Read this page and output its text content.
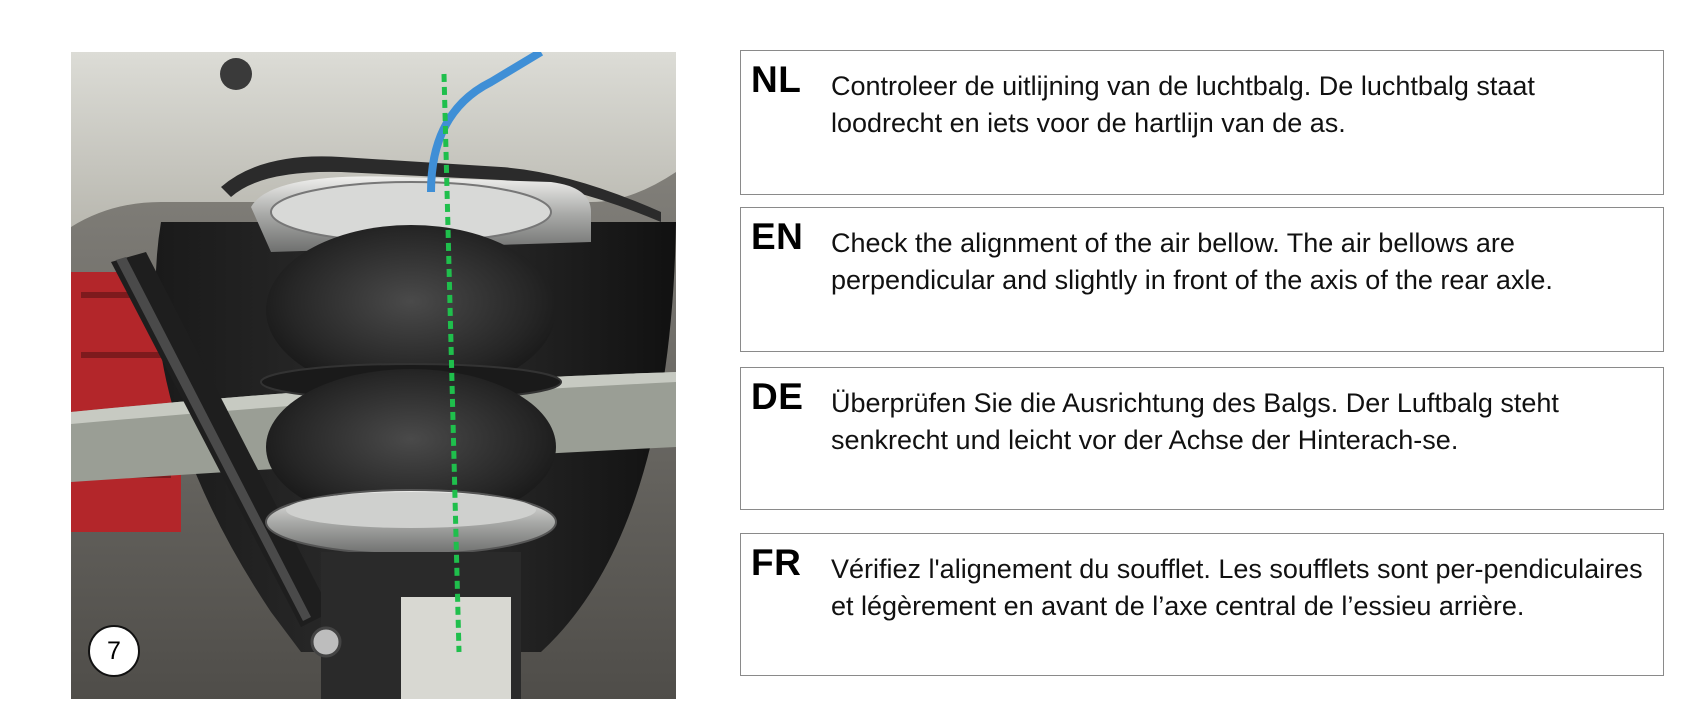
7
NL Controleer de uitlijning van de luchtbalg. De luchtbalg staat loodrecht en iets voor de hartlijn van de as.
EN Check the alignment of the air bellow. The air bellows are perpendicular and slightly in front of the axis of the rear axle.
DE Überprüfen Sie die Ausrichtung des Balgs. Der Luftbalg steht senkrecht und leicht vor der Achse der Hinterach-se.
FR Vérifiez l'alignement du soufflet. Les soufflets sont per-pendiculaires et légèrement en avant de l’axe central de l’essieu arrière.
